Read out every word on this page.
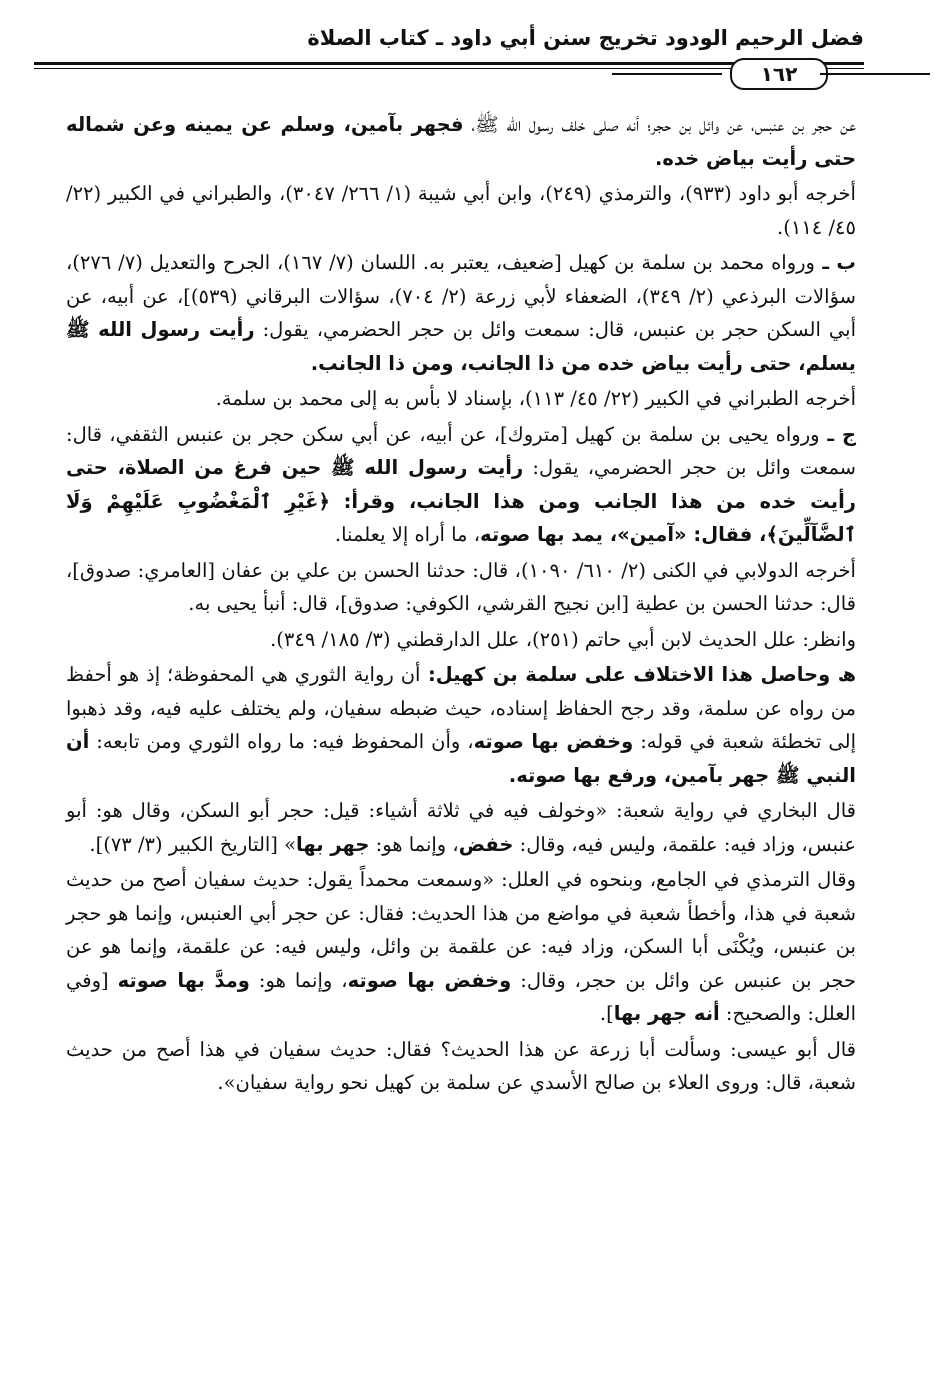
فضل الرحيم الودود تخريج سنن أبي داود ـ كتاب الصلاة
١٦٢

عن حجر بن عنبس، عن وائل بن حجر؛ أنه صلى خلف رسول الله ﷺ، فجهر بآمين، وسلم عن يمينه وعن شماله حتى رأيت بياض خده.

أخرجه أبو داود (٩٣٣)، والترمذي (٢٤٩)، وابن أبي شيبة (١/ ٢٦٦/ ٣٠٤٧)، والطبراني في الكبير (٢٢/ ٤٥/ ١١٤).

ب ـ ورواه محمد بن سلمة بن كهيل [ضعيف، يعتبر به. اللسان (٧/ ١٦٧)، الجرح والتعديل (٧/ ٢٧٦)، سؤالات البرذعي (٢/ ٣٤٩)، الضعفاء لأبي زرعة (٢/ ٧٠٤)، سؤالات البرقاني (٥٣٩)]، عن أبيه، عن أبي السكن حجر بن عنبس، قال: سمعت وائل بن حجر الحضرمي، يقول: رأيت رسول الله ﷺ يسلم، حتى رأيت بياض خده من ذا الجانب، ومن ذا الجانب.

أخرجه الطبراني في الكبير (٢٢/ ٤٥/ ١١٣)، بإسناد لا بأس به إلى محمد بن سلمة.

ج ـ ورواه يحيى بن سلمة بن كهيل [متروك]، عن أبيه، عن أبي سكن حجر بن عنبس الثقفي، قال: سمعت وائل بن حجر الحضرمي، يقول: رأيت رسول الله ﷺ حين فرغ من الصلاة، حتى رأيت خده من هذا الجانب ومن هذا الجانب، وقرأ: ﴿غَيْرِ ٱلْمَغْضُوبِ عَلَيْهِمْ وَلَا ٱلضَّآلِّينَ﴾، فقال: «آمين»، يمد بها صوته، ما أراه إلا يعلمنا.

أخرجه الدولابي في الكنى (٢/ ٦١٠/ ١٠٩٠)، قال: حدثنا الحسن بن علي بن عفان [العامري: صدوق]، قال: حدثنا الحسن بن عطية [ابن نجيح القرشي، الكوفي: صدوق]، قال: أنبأ يحيى به.

وانظر: علل الحديث لابن أبي حاتم (٢٥١)، علل الدارقطني (٣/ ١٨٥/ ٣٤٩).

ﮪ وحاصل هذا الاختلاف على سلمة بن كهيل: أن رواية الثوري هي المحفوظة؛ إذ هو أحفظ من رواه عن سلمة، وقد رجح الحفاظ إسناده، حيث ضبطه سفيان، ولم يختلف عليه فيه، وقد ذهبوا إلى تخطئة شعبة في قوله: وخفض بها صوته، وأن المحفوظ فيه: ما رواه الثوري ومن تابعه: أن النبي ﷺ جهر بآمين، ورفع بها صوته.

قال البخاري في رواية شعبة: «وخولف فيه في ثلاثة أشياء: قيل: حجر أبو السكن، وقال هو: أبو عنبس، وزاد فيه: علقمة، وليس فيه، وقال: خفض، وإنما هو: جهر بها» [التاريخ الكبير (٣/ ٧٣)].

وقال الترمذي في الجامع، وبنحوه في العلل: «وسمعت محمداً يقول: حديث سفيان أصح من حديث شعبة في هذا، وأخطأ شعبة في مواضع من هذا الحديث: فقال: عن حجر أبي العنبس، وإنما هو حجر بن عنبس، ويُكْنَى أبا السكن، وزاد فيه: عن علقمة بن وائل، وليس فيه: عن علقمة، وإنما هو عن حجر بن عنبس عن وائل بن حجر، وقال: وخفض بها صوته، وإنما هو: ومدَّ بها صوته [وفي العلل: والصحيح: أنه جهر بها].

قال أبو عيسى: وسألت أبا زرعة عن هذا الحديث؟ فقال: حديث سفيان في هذا أصح من حديث شعبة، قال: وروى العلاء بن صالح الأسدي عن سلمة بن كهيل نحو رواية سفيان».
